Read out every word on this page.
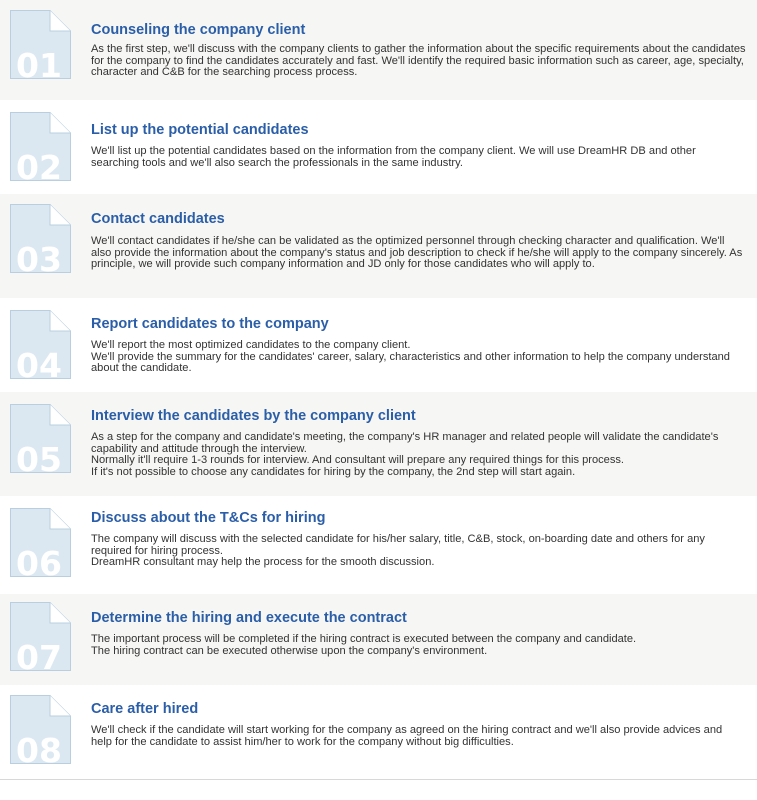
01
Counseling the company client
As the first step, we'll discuss with the company clients to gather the information about the specific requirements about the candidates for the company to find the candidates accurately and fast. We'll identify the required basic information such as career, age, specialty, character and C&B for the searching process process.
02
List up the potential candidates
We'll list up the potential candidates based on the information from the company client. We will use DreamHR DB and other searching tools and we'll also search the professionals in the same industry.
03
Contact candidates
We'll contact candidates if he/she can be validated as the optimized personnel through checking character and qualification. We'll also provide the information about the company's status and job description to check if he/she will apply to the company sincerely. As principle, we will provide such company information and JD only for those candidates who will apply to.
04
Report candidates to the company
We'll report the most optimized candidates to the company client.
We'll provide the summary for the candidates' career, salary, characteristics and other information to help the company understand about the candidate.
05
Interview the candidates by the company client
As a step for the company and candidate's meeting, the company's HR manager and related people will validate the candidate's capability and attitude through the interview.
Normally it'll require 1-3 rounds for interview. And consultant will prepare any required things for this process.
If it's not possible to choose any candidates for hiring by the company, the 2nd step will start again.
06
Discuss about the T&Cs for hiring
The company will discuss with the selected candidate for his/her salary, title, C&B, stock, on-boarding date and others for any required for hiring process.
DreamHR consultant may help the process for the smooth discussion.
07
Determine the hiring and execute the contract
The important process will be completed if the hiring contract is executed between the company and candidate.
The hiring contract can be executed otherwise upon the company's environment.
08
Care after hired
We'll check if the candidate will start working for the company as agreed on the hiring contract and we'll also provide advices and help for the candidate to assist him/her to work for the company without big difficulties.
